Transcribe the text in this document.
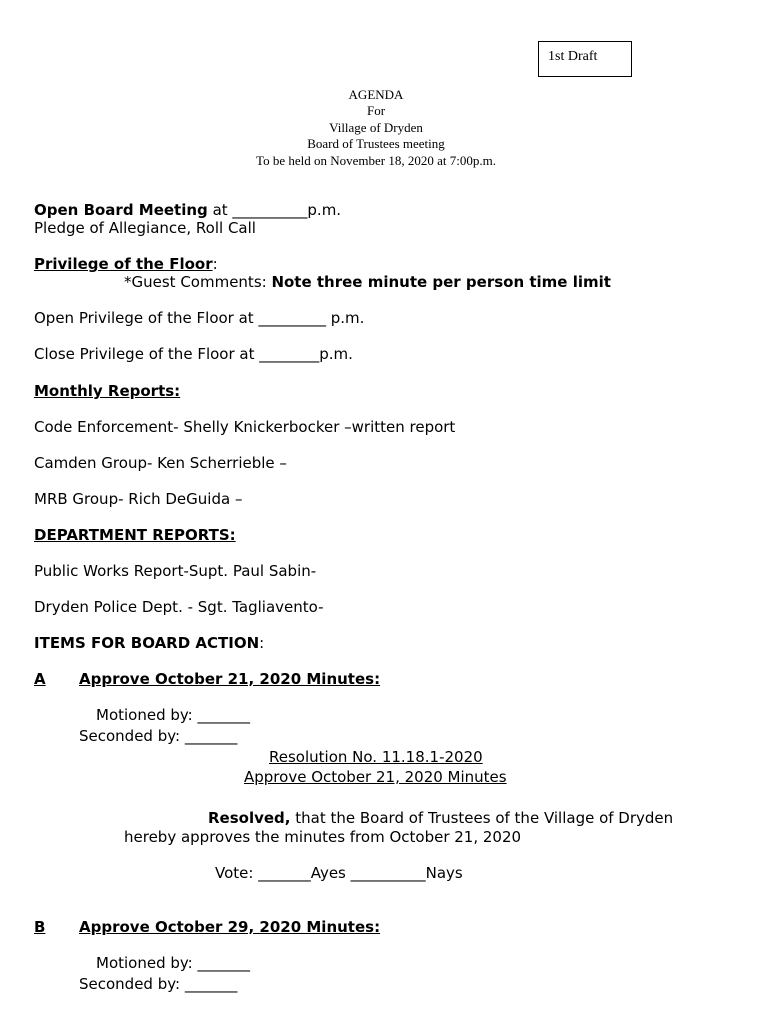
1st Draft
AGENDA
For
Village of Dryden
Board of Trustees meeting
To be held on November 18, 2020 at 7:00p.m.
Open Board Meeting at __________p.m.
Pledge of Allegiance, Roll Call
Privilege of the Floor:
*Guest Comments: Note three minute per person time limit
Open Privilege of the Floor at _________ p.m.
Close Privilege of the Floor at ________p.m.
Monthly Reports:
Code Enforcement- Shelly Knickerbocker –written report
Camden Group- Ken Scherrieble –
MRB Group- Rich DeGuida –
DEPARTMENT REPORTS:
Public Works Report-Supt. Paul Sabin-
Dryden Police Dept. - Sgt. Tagliavento-
ITEMS FOR BOARD ACTION:
A Approve October 21, 2020 Minutes:
Motioned by: _______
Seconded by: _______
Resolution No. 11.18.1-2020
Approve October 21, 2020 Minutes
Resolved, that the Board of Trustees of the Village of Dryden
hereby approves the minutes from October 21, 2020
Vote: _______Ayes __________Nays
B Approve October 29, 2020 Minutes:
Motioned by: _______
Seconded by: _______
